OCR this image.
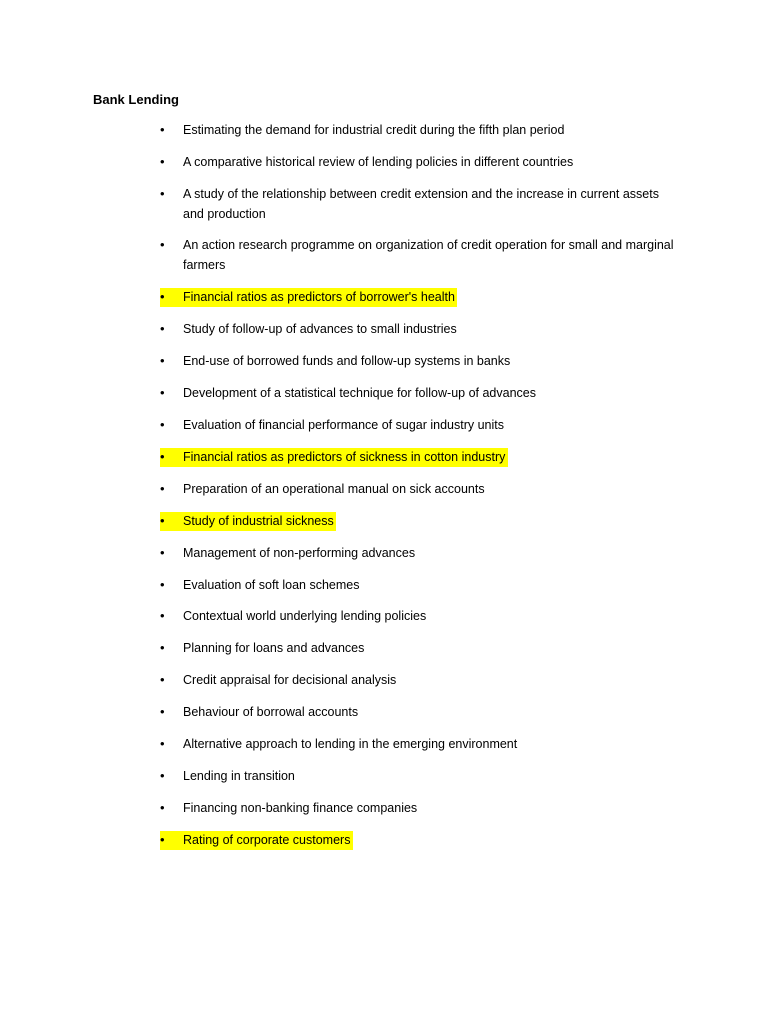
Bank Lending
• Estimating the demand for industrial credit during the fifth plan period
• A comparative historical review of lending policies in different countries
• A study of the relationship between credit extension and the increase in current assets and production
• An action research programme on organization of credit operation for small and marginal farmers
• Financial ratios as predictors of borrower's health
• Study of follow-up of advances to small industries
• End-use of borrowed funds and follow-up systems in banks
• Development of a statistical technique for follow-up of advances
• Evaluation of financial performance of sugar industry units
• Financial ratios as predictors of sickness in cotton industry
• Preparation of an operational manual on sick accounts
• Study of industrial sickness
• Management of non-performing advances
• Evaluation of soft loan schemes
• Contextual world underlying lending policies
• Planning for loans and advances
• Credit appraisal for decisional analysis
• Behaviour of borrowal accounts
• Alternative approach to lending in the emerging environment
• Lending in transition
• Financing non-banking finance companies
• Rating of corporate customers
